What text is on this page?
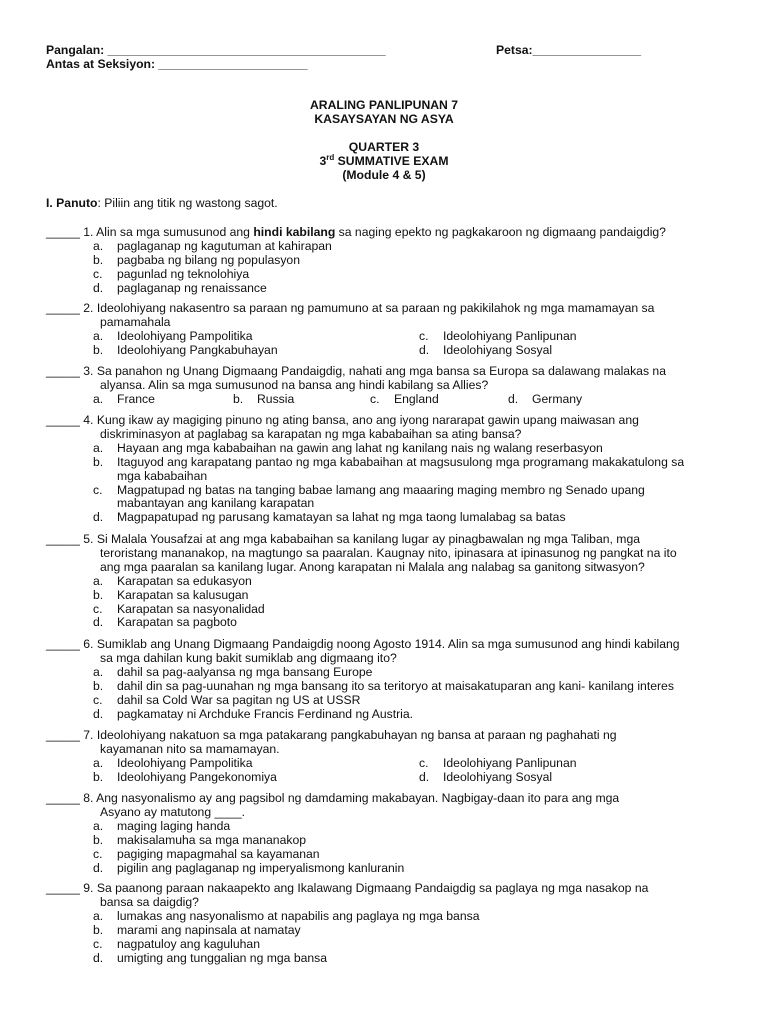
Pangalan: _________________________________________	Petsa:________________
Antas at Seksiyon: ______________________
ARALING PANLIPUNAN 7
KASAYSAYAN NG ASYA
QUARTER 3
3rd SUMMATIVE EXAM
(Module 4 & 5)
I. Panuto: Piliin ang titik ng wastong sagot.
_____ 1. Alin sa mga sumusunod ang hindi kabilang sa naging epekto ng pagkakaroon ng digmaang pandaigdig?
a.	paglaganap ng kagutuman at kahirapan
b.	pagbaba ng bilang ng populasyon
c.	pagunlad ng teknolohiya
d.	paglaganap ng renaissance
_____ 2. Ideolohiyang nakasentro sa paraan ng pamumuno at sa paraan ng pakikilahok ng mga mamamayan sa
pamamahala
a.	Ideolohiyang Pampolitika	c.	Ideolohiyang Panlipunan
b.	Ideolohiyang Pangkabuhayan	d.	Ideolohiyang Sosyal
_____ 3. Sa panahon ng Unang Digmaang Pandaigdig, nahati ang mga bansa sa Europa sa dalawang malakas na
alyansa. Alin sa mga sumusunod na bansa ang hindi kabilang sa Allies?
a.	France	b.	Russia	c.	England	d.	Germany
_____ 4. Kung ikaw ay magiging pinuno ng ating bansa, ano ang iyong nararapat gawin upang maiwasan ang
diskriminasyon at paglabag sa karapatan ng mga kababaihan sa ating bansa?
a.	Hayaan ang mga kababaihan na gawin ang lahat ng kanilang nais ng walang reserbasyon
b.	Itaguyod ang karapatang pantao ng mga kababaihan at magsusulong mga programang makakatulong sa
mga kababaihan
c.	Magpatupad ng batas na tanging babae lamang ang maaaring maging membro ng Senado upang
mabantayan ang kanilang karapatan
d.	Magpapatupad ng parusang kamatayan sa lahat ng mga taong lumalabag sa batas
_____ 5. Si Malala Yousafzai at ang mga kababaihan sa kanilang lugar ay pinagbawalan ng mga Taliban, mga
teroristang mananakop, na magtungo sa paaralan. Kaugnay nito, ipinasara at ipinasunog ng pangkat na ito
ang mga paaralan sa kanilang lugar. Anong karapatan ni Malala ang nalabag sa ganitong sitwasyon?
a.	Karapatan sa edukasyon
b.	Karapatan sa kalusugan
c.	Karapatan sa nasyonalidad
d.	Karapatan sa pagboto
_____ 6. Sumiklab ang Unang Digmaang Pandaigdig noong Agosto 1914. Alin sa mga sumusunod ang hindi kabilang
sa mga dahilan kung bakit sumiklab ang digmaang ito?
a.	dahil sa pag-aalyansa ng mga bansang Europe
b.	dahil din sa pag-uunahan ng mga bansang ito sa teritoryo at maisakatuparan ang kani- kanilang interes
c.	dahil sa Cold War sa pagitan ng US at USSR
d.	pagkamatay ni Archduke Francis Ferdinand ng Austria.
_____ 7. Ideolohiyang nakatuon sa mga patakarang pangkabuhayan ng bansa at paraan ng paghahati ng
kayamanan nito sa mamamayan.
a.	Ideolohiyang Pampolitika	c.	Ideolohiyang Panlipunan
b.	Ideolohiyang Pangekonomiya	d.	Ideolohiyang Sosyal
_____ 8. Ang nasyonalismo ay ang pagsibol ng damdaming makabayan. Nagbigay-daan ito para ang mga
Asyano ay matutong ____.
a.	maging laging handa
b.	makisalamuha sa mga mananakop
c.	pagiging mapagmahal sa kayamanan
d.	pigilin ang paglaganap ng imperyalismong kanluranin
_____ 9. Sa paanong paraan nakaapekto ang Ikalawang Digmaang Pandaigdig sa paglaya ng mga nasakop na
bansa sa daigdig?
a.	lumakas ang nasyonalismo at napabilis ang paglaya ng mga bansa
b.	marami ang napinsala at namatay
c.	nagpatuloy ang kaguluhan
d.	umigting ang tunggalian ng mga bansa
